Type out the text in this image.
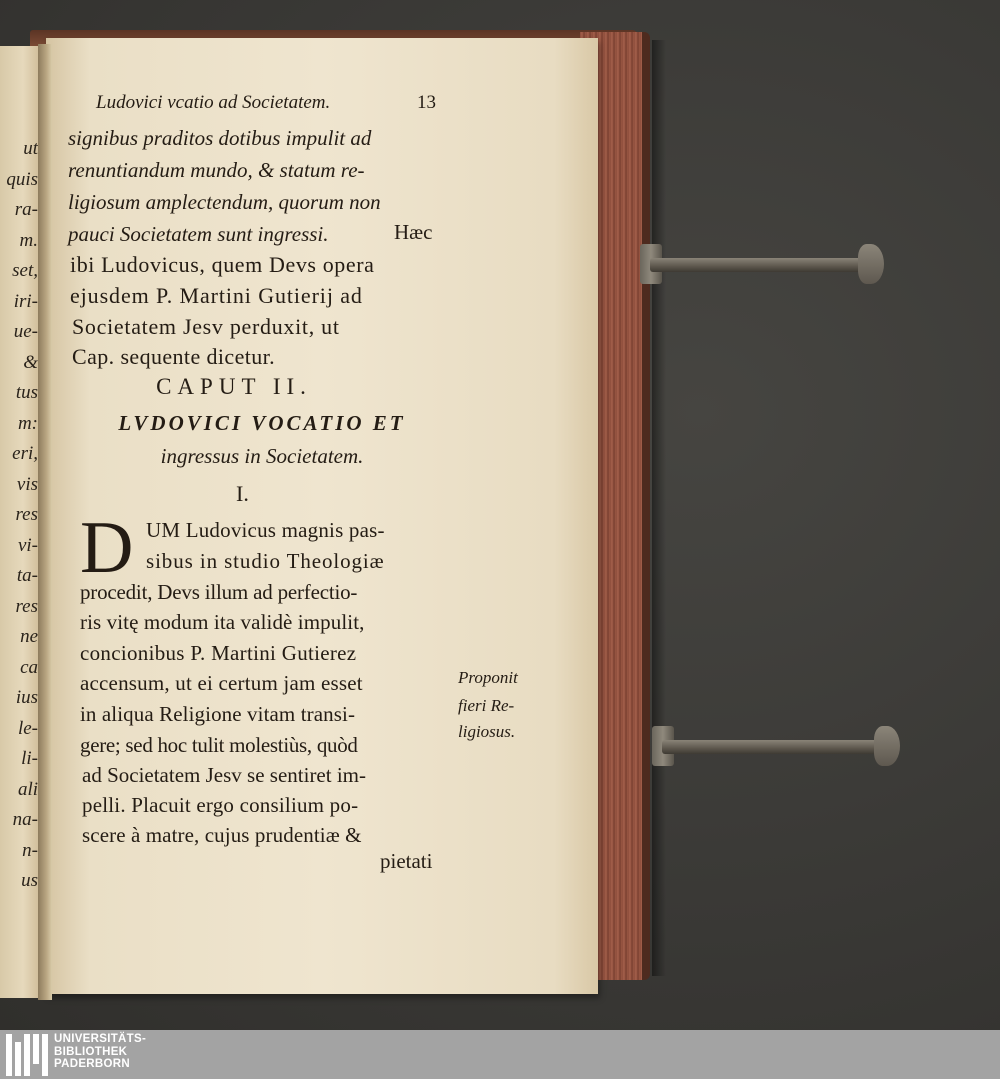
ut
quis
ra-
m.
set,
iri-
ue-
&
tus
m:
eri,
vis
res
vi-
ta-
res
ne
ca
ius
le-
li-
ali
na-
n-
us
Ludovici vcatio ad Societatem.	13
signibus praditos dotibus impulit ad
renuntiandum mundo, & statum re-
ligiosum amplectendum, quorum non
pauci Societatem sunt ingressi.	Hæc
ibi Ludovicus, quem Devs opera
ejusdem P. Martini Gutierij ad
Societatem Jesv perduxit, ut
Cap. sequente dicetur.
CAPUT II.
LVDOVICI VOCATIO ET
ingressus in Societatem.
I.
D UM Ludovicus magnis pas-
sibus in studio Theologiæ
procedit, Devs illum ad perfectio-
ris vitę modum ita validè impulit,
concionibus P. Martini Gutierez
accensum, ut ei certum jam esset
in aliqua Religione vitam transi-
gere; sed hoc tulit molestiùs, quòd
ad Societatem Jesv se sentiret im-
pelli. Placuit ergo consilium po-
scere à matre, cujus prudentiæ &
pietati
Proponit
fieri Re-
ligiosus.
UNIVERSITÄTS-
BIBLIOTHEK
PADERBORN
